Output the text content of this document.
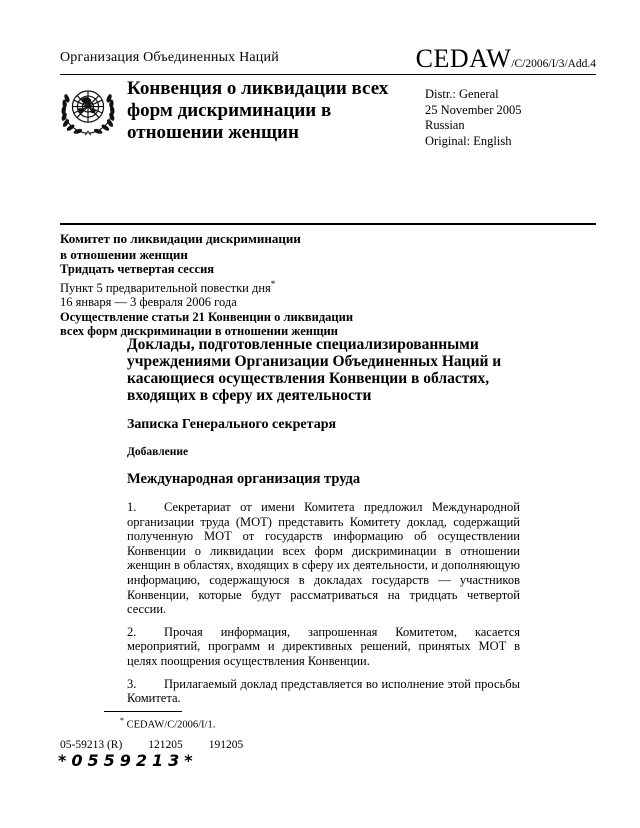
Организация Объединенных Наций	CEDAW/C/2006/I/3/Add.4
Конвенция о ликвидации всех форм дискриминации в отношении женщин
Distr.: General
25 November 2005
Russian
Original: English
Комитет по ликвидации дискриминации
в отношении женщин
Тридцать четвертая сессия
Пункт 5 предварительной повестки дня*
16 января — 3 февраля 2006 года
Осуществление статьи 21 Конвенции о ликвидации
всех форм дискриминации в отношении женщин
Доклады, подготовленные специализированными учреждениями Организации Объединенных Наций и касающиеся осуществления Конвенции в областях, входящих в сферу их деятельности
Записка Генерального секретаря
Добавление
Международная организация труда

1. Секретариат от имени Комитета предложил Международной организации труда (МОТ) представить Комитету доклад, содержащий полученную МОТ от государств информацию об осуществлении Конвенции о ликвидации всех форм дискриминации в отношении женщин в областях, входящих в сферу их деятельности, и дополняющую информацию, содержащуюся в докладах государств — участников Конвенции, которые будут рассматриваться на тридцать четвертой сессии.

2. Прочая информация, запрошенная Комитетом, касается мероприятий, программ и директивных решений, принятых МОТ в целях поощрения осуществления Конвенции.

3. Прилагаемый доклад представляется во исполнение этой просьбы Комитета.

* CEDAW/C/2006/I/1.
05-59213 (R) 121205 191205
*0559213*
